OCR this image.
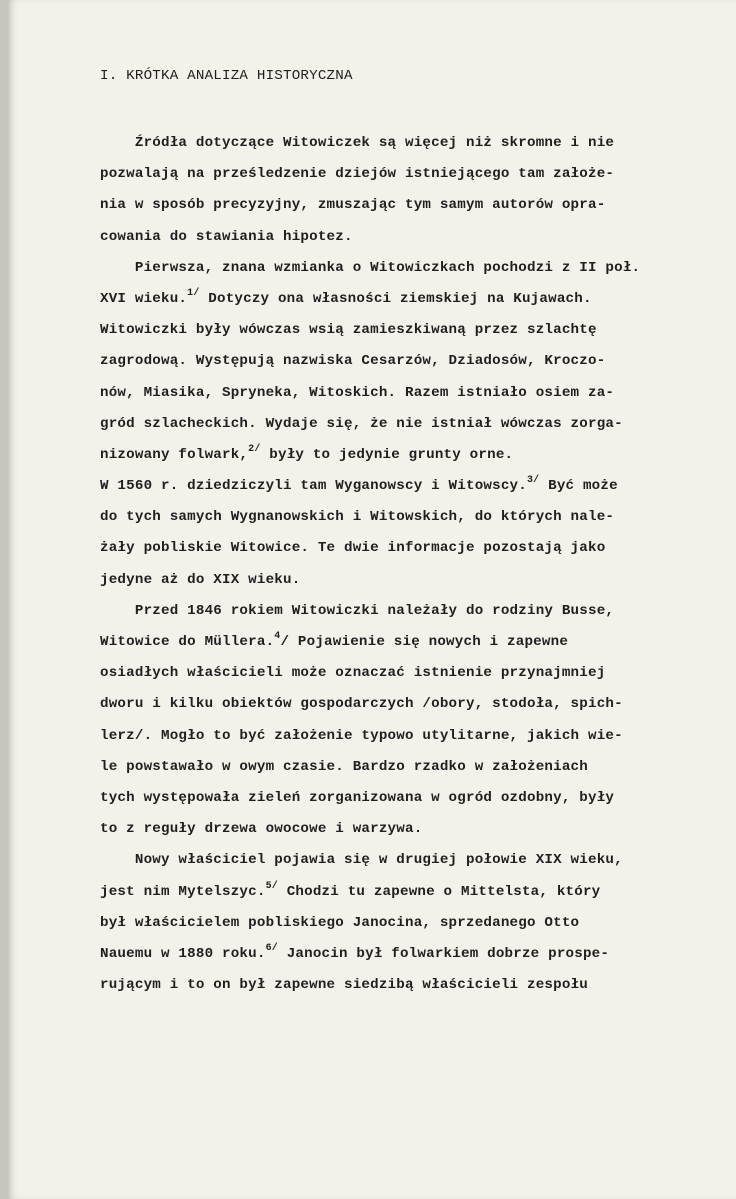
I. KRÓTKA ANALIZA HISTORYCZNA
Źródła dotyczące Witowiczek są więcej niż skromne i nie
pozwalają na prześledzenie dziejów istniejącego tam założe-
nia w sposób precyzyjny, zmuszając tym samym autorów opra-
cowania do stawiania hipotez.
Pierwsza, znana wzmianka o Witowiczkach pochodzi z II poł.
XVI wieku.$^{1/}$ Dotyczy ona własności ziemskiej na Kujawach.
Witowiczki były wówczas wsią zamieszkiwaną przez szlachtę
zagrodową. Występują nazwiska Cesarzów, Dziadosów, Kroczo-
nów, Miasika, Spryneka, Witoskich. Razem istniało osiem za-
gród szlacheckich. Wydaje się, że nie istniał wówczas zorga-
nizowany folwark,$^{2/}$ były to jedynie grunty orne.
W 1560 r. dziedziczyli tam Wyganowscy i Witowscy.$^{3/}$ Być może
do tych samych Wygnanowskich i Witowskich, do których nale-
żały pobliskie Witowice. Te dwie informacje pozostają jako
jedyne aż do XIX wieku.
Przed 1846 rokiem Witowiczki należały do rodziny Busse,
Witowice do Müllera.$^4$/ Pojawienie się nowych i zapewne
osiadłych właścicieli może oznaczać istnienie przynajmniej
dworu i kilku obiektów gospodarczych /obory, stodoła, spich-
lerz/. Mogło to być założenie typowo utylitarne, jakich wie-
le powstawało w owym czasie. Bardzo rzadko w założeniach
tych występowała zieleń zorganizowana w ogród ozdobny, były
to z reguły drzewa owocowe i warzywa.
Nowy właściciel pojawia się w drugiej połowie XIX wieku,
jest nim Mytelszyc.$^{5/}$ Chodzi tu zapewne o Mittelsta, który
był właścicielem pobliskiego Janocina, sprzedanego Otto
Nauemu w 1880 roku.$^{6/}$ Janocin był folwarkiem dobrze prospe-
rującym i to on był zapewne siedzibą właścicieli zespołu
